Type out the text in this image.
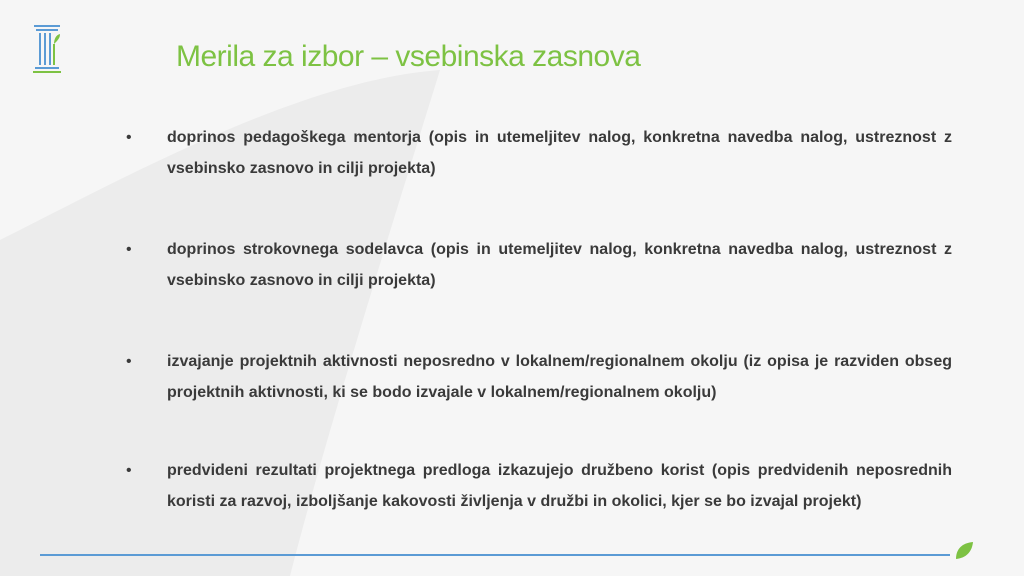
Merila za izbor – vsebinska zasnova
• doprinos pedagoškega mentorja (opis in utemeljitev nalog, konkretna navedba nalog, ustreznost z vsebinsko zasnovo in cilji projekta)
• doprinos strokovnega sodelavca (opis in utemeljitev nalog, konkretna navedba nalog, ustreznost z vsebinsko zasnovo in cilji projekta)
• izvajanje projektnih aktivnosti neposredno v lokalnem/regionalnem okolju (iz opisa je razviden obseg projektnih aktivnosti, ki se bodo izvajale v lokalnem/regionalnem okolju)
• predvideni rezultati projektnega predloga izkazujejo družbeno korist (opis predvidenih neposrednih koristi za razvoj, izboljšanje kakovosti življenja v družbi in okolici, kjer se bo izvajal projekt)
